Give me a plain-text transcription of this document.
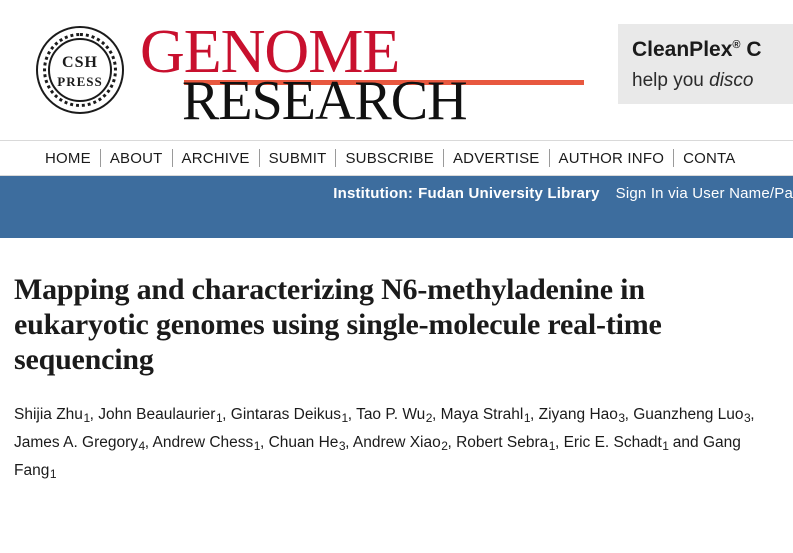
CSH
PRESS GENOME
RESEARCH
CleanPlex® C
help you disco
HOME	ABOUT	ARCHIVE	SUBMIT	SUBSCRIBE	ADVERTISE	AUTHOR INFO	CONTA
Institution: Fudan University Library Sign In via User Name/Pa
Mapping and characterizing N6-methyladenine in eukaryotic genomes using single-molecule real-time sequencing
Shijia Zhu$^1$, John Beaulaurier$^1$, Gintaras Deikus$^1$, Tao P. Wu$^2$, Maya Strahl$^1$, Ziyang Hao$^3$, Guanzheng Luo$^3$, James A. Gregory$^4$, Andrew Chess$^1$, Chuan He$^3$, Andrew Xiao$^2$, Robert Sebra$^1$, Eric E. Schadt$^1$ and Gang Fang$^1$
